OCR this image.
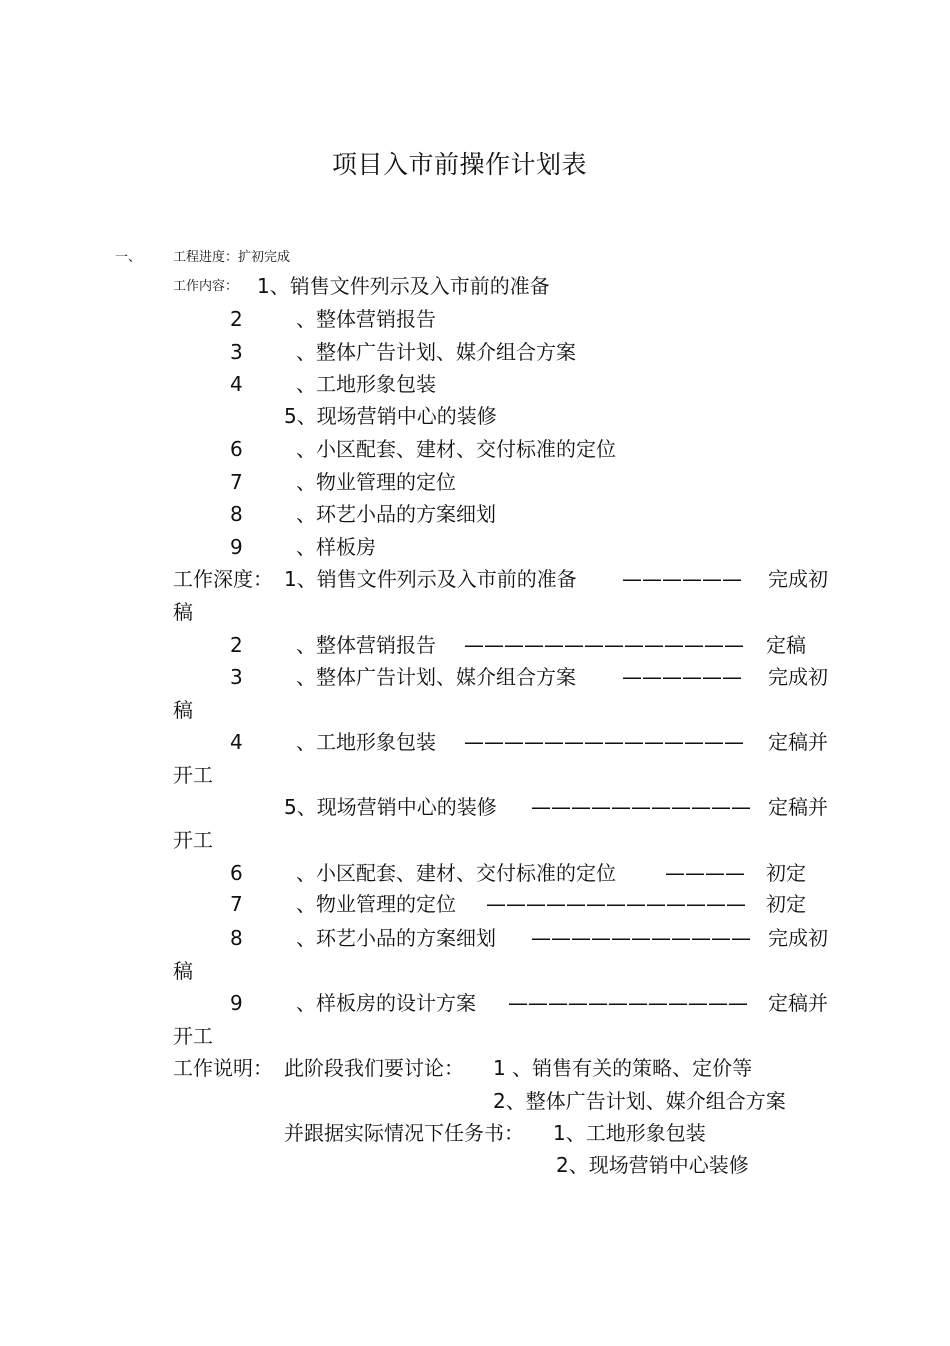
项目入市前操作计划表
一、 工程进度：扩初完成
工作内容： 1、销售文件列示及入市前的准备
2	、整体营销报告
3	、整体广告计划、媒介组合方案
4	、工地形象包装
5、现场营销中心的装修
6	、小区配套、建材、交付标准的定位
7	、物业管理的定位
8	、环艺小品的方案细划
9	、样板房
工作深度： 1、销售文件列示及入市前的准备 —————— 完成初
稿
2	、整体营销报告 —————————————— 定稿
3	、整体广告计划、媒介组合方案 —————— 完成初
稿
4	、工地形象包装 —————————————— 定稿并
开工
5、现场营销中心的装修 ——————————— 定稿并
开工
6	、小区配套、建材、交付标准的定位 ———— 初定
7	、物业管理的定位 ————————————— 初定
8	、环艺小品的方案细划 ——————————— 完成初
稿
9	、样板房的设计方案 ———————————— 定稿并
开工
工作说明： 此阶段我们要讨论： 1 、销售有关的策略、定价等
2、整体广告计划、媒介组合方案
并跟据实际情况下任务书： 1、工地形象包装
2、现场营销中心装修
